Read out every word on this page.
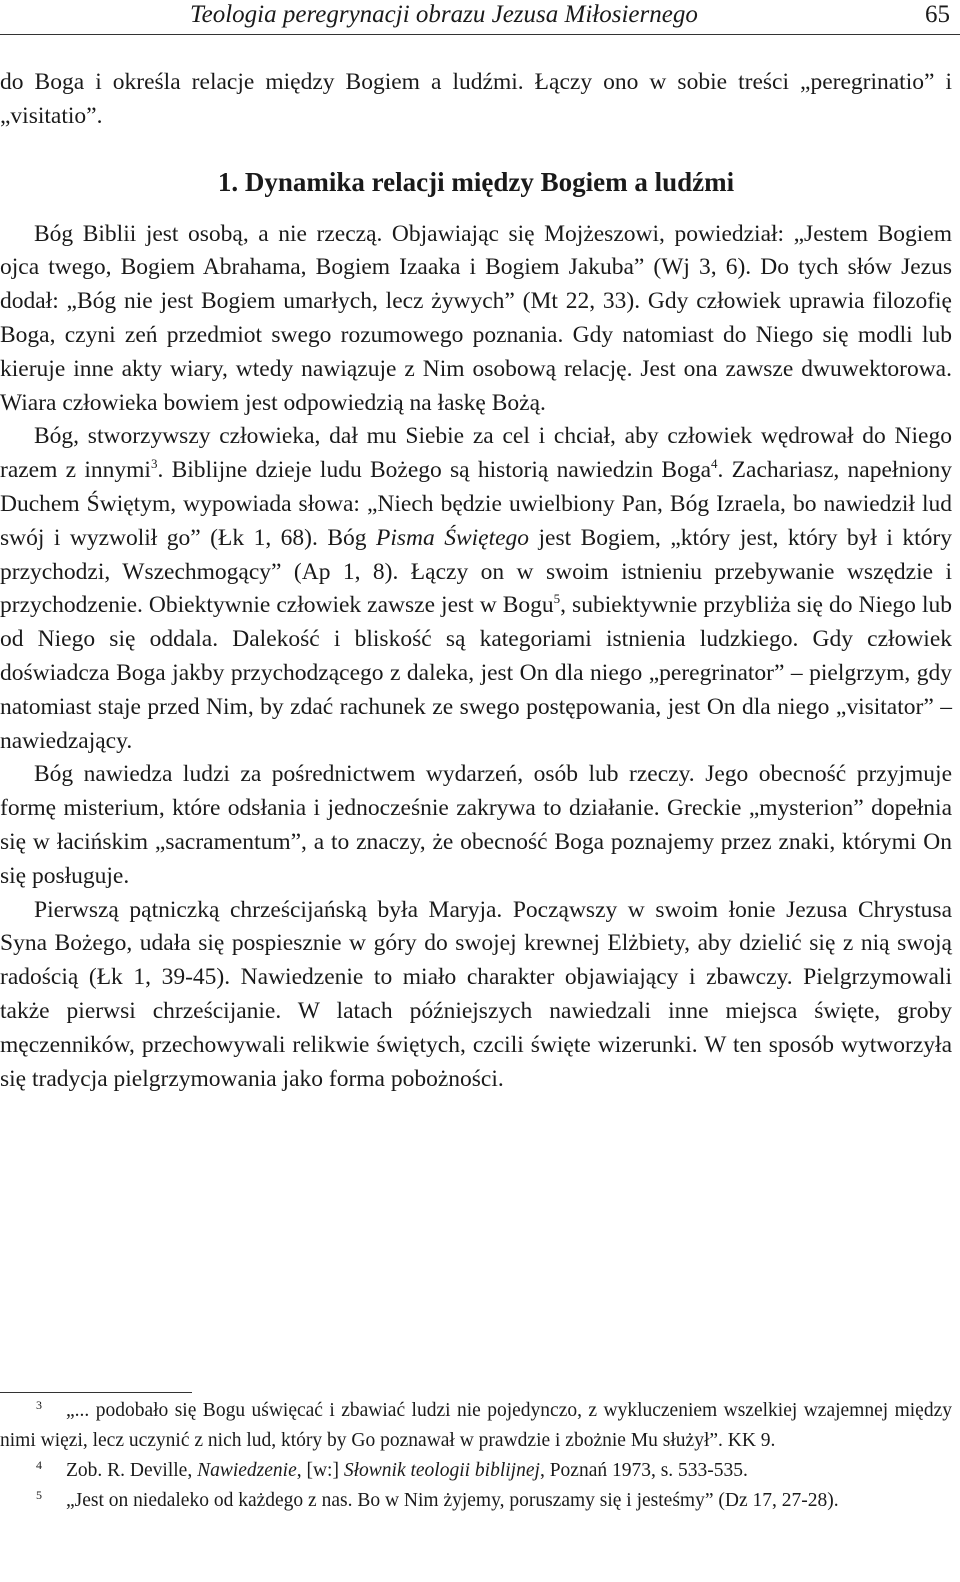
Teologia peregrynacji obrazu Jezusa Miłosiernego	65

do Boga i określa relacje między Bogiem a ludźmi. Łączy ono w sobie treści „peregrinatio” i „visitatio”.

1. Dynamika relacji między Bogiem a ludźmi

Bóg Biblii jest osobą, a nie rzeczą. Objawiając się Mojżeszowi, powiedział: „Jestem Bogiem ojca twego, Bogiem Abrahama, Bogiem Izaaka i Bogiem Jakuba” (Wj 3, 6). Do tych słów Jezus dodał: „Bóg nie jest Bogiem umarłych, lecz żywych” (Mt 22, 33). Gdy człowiek uprawia filozofię Boga, czyni zeń przedmiot swego rozumowego poznania. Gdy natomiast do Niego się modli lub kieruje inne akty wiary, wtedy nawiązuje z Nim osobową relację. Jest ona zawsze dwuwektorowa. Wiara człowieka bowiem jest odpowiedzią na łaskę Bożą.

Bóg, stworzywszy człowieka, dał mu Siebie za cel i chciał, aby człowiek wędrował do Niego razem z innymi$^3$. Biblijne dzieje ludu Bożego są historią nawiedzin Boga$^4$. Zachariasz, napełniony Duchem Świętym, wypowiada słowa: „Niech będzie uwielbiony Pan, Bóg Izraela, bo nawiedził lud swój i wyzwolił go” (Łk 1, 68). Bóg Pisma Świętego jest Bogiem, „który jest, który był i który przychodzi, Wszechmogący” (Ap 1, 8). Łączy on w swoim istnieniu przebywanie wszędzie i przychodzenie. Obiektywnie człowiek zawsze jest w Bogu$^5$, subiektywnie przybliża się do Niego lub od Niego się oddala. Dalekość i bliskość są kategoriami istnienia ludzkiego. Gdy człowiek doświadcza Boga jakby przychodzącego z daleka, jest On dla niego „peregrinator” – pielgrzym, gdy natomiast staje przed Nim, by zdać rachunek ze swego postępowania, jest On dla niego „visitator” – nawiedzający.

Bóg nawiedza ludzi za pośrednictwem wydarzeń, osób lub rzeczy. Jego obecność przyjmuje formę misterium, które odsłania i jednocześnie zakrywa to działanie. Greckie „mysterion” dopełnia się w łacińskim „sacramentum”, a to znaczy, że obecność Boga poznajemy przez znaki, którymi On się posługuje.

Pierwszą pątniczką chrześcijańską była Maryja. Począwszy w swoim łonie Jezusa Chrystusa Syna Bożego, udała się pospiesznie w góry do swojej krewnej Elżbiety, aby dzielić się z nią swoją radością (Łk 1, 39-45). Nawiedzenie to miało charakter objawiający i zbawczy. Pielgrzymowali także pierwsi chrześcijanie. W latach późniejszych nawiedzali inne miejsca święte, groby męczenników, przechowywali relikwie świętych, czcili święte wizerunki. W ten sposób wytworzyła się tradycja pielgrzymowania jako forma pobożności.

$^3$ „... podobało się Bogu uświęcać i zbawiać ludzi nie pojedynczo, z wykluczeniem wszelkiej wzajemnej między nimi więzi, lecz uczynić z nich lud, który by Go poznawał w prawdzie i zbożnie Mu służył”. KK 9.

$^4$ Zob. R. Deville, Nawiedzenie, [w:] Słownik teologii biblijnej, Poznań 1973, s. 533-535.

$^5$ „Jest on niedaleko od każdego z nas. Bo w Nim żyjemy, poruszamy się i jesteśmy” (Dz 17, 27-28).
